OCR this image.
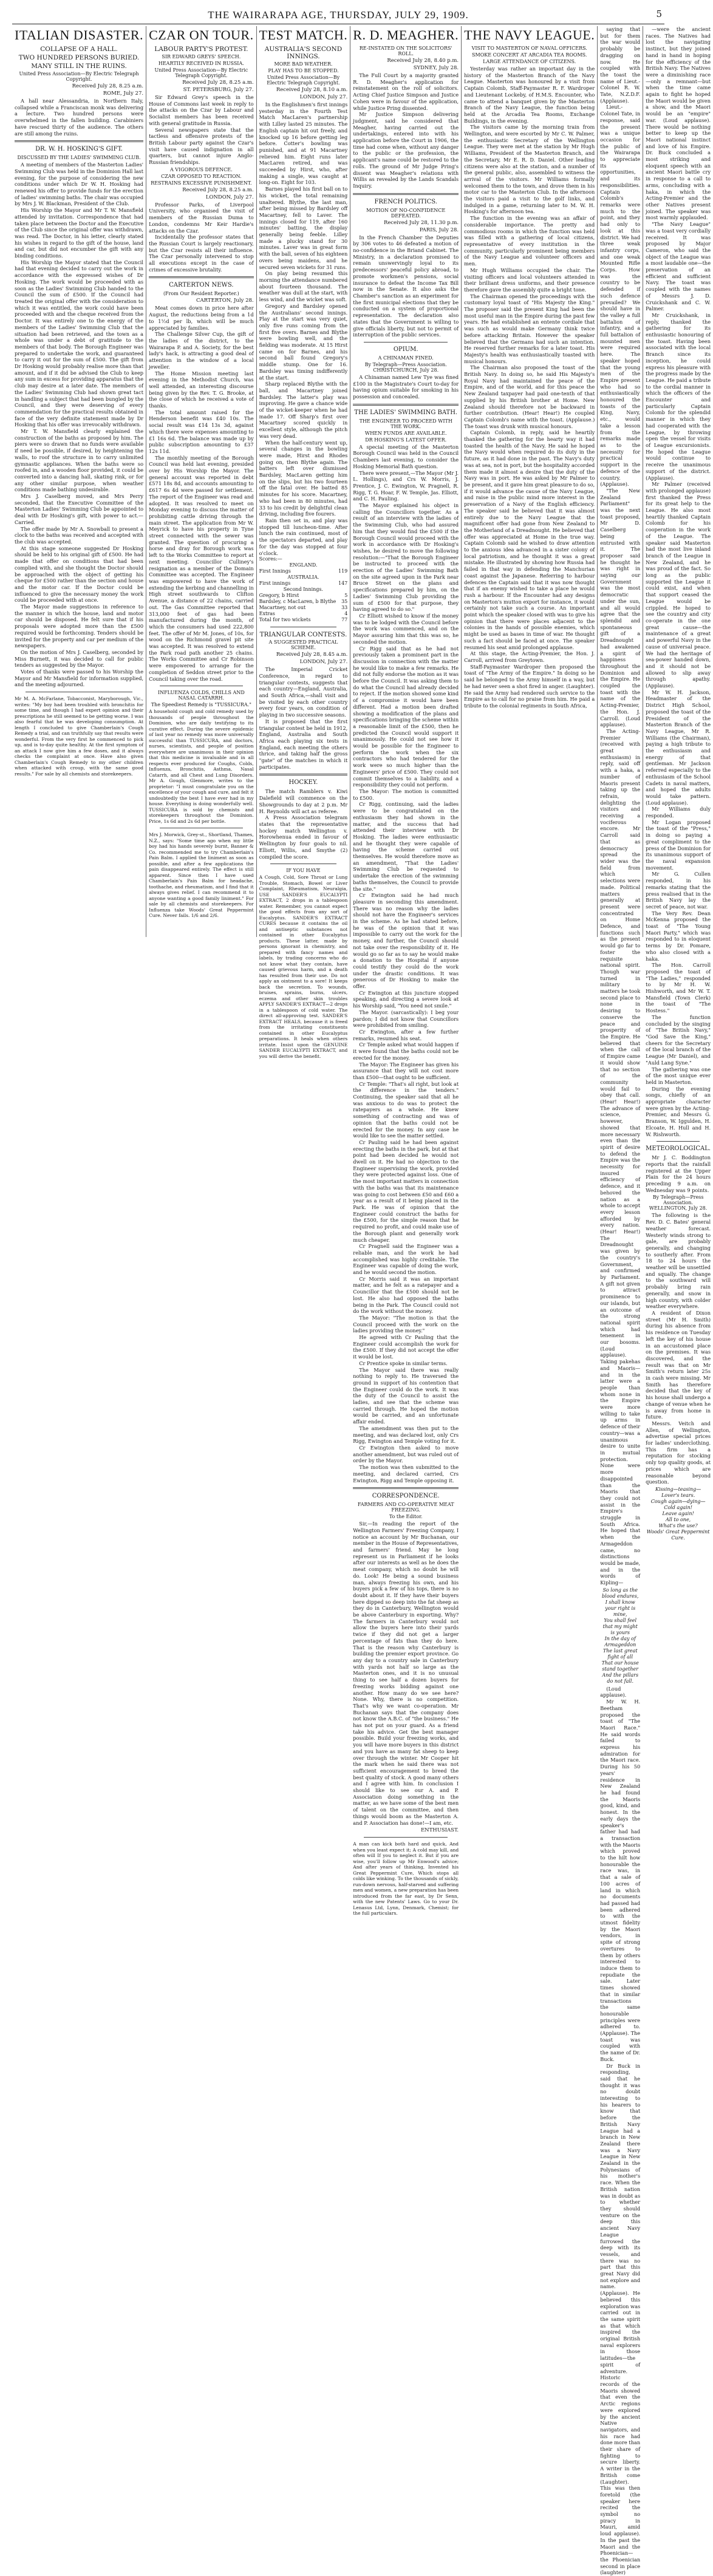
THE WAIRARAPA AGE, THURSDAY, JULY 29, 1909.	5
ITALIAN DISASTER.
COLLAPSE OF A HALL.
TWO HUNDRED PERSONS BURIED.
MANY STILL IN THE RUINS.
United Press Association—By Electric Telegraph Copyright.
Received July 28, 8.25 a.m.
ROME, July 27.

A hall near Alessandria, in Northern Italy, collapsed while a Franciscan monk was delivering a lecture. Two hundred persons were overwhelmed in the fallen building. Carabiniers have rescued thirty of the audience. The others are still among the ruins.

DR. W. H. HOSKING'S GIFT.
DISCUSSED BY THE LADIES' SWIMMING CLUB.

A meeting of members of the Masterton Ladies' Swimming Club was held in the Dominion Hall last evening, for the purpose of considering the new conditions under which Dr W. H. Hosking had renewed his offer to provide funds for the erection of ladies' swimming baths. The chair was occupied by Mrs J. W. Blackman, President of the Club.

His Worship the Mayor and Mr T. W. Mansfield attended by invitation. Correspondence that had taken place between the Doctor and the Executive of the Club since the original offer was withdrawn, was read. The Doctor, in his letter, clearly stated his wishes in regard to the gift of the house, land and car, but did not encumber the gift with any binding conditions.

His Worship the Mayor stated that the Council had that evening decided to carry out the work in accordance with the expressed wishes of Dr Hosking. The work would be proceeded with as soon as the Ladies' Swimming Club handed to the Council the sum of £500. If the Council had treated the original offer with the consideration to which it was entitled, the work could have been proceeded with and the cheque received from the Doctor. It was entirely one to the energy of the members of the Ladies' Swimming Club that the situation had been retrieved, and the town as a whole was under a debt of gratitude to the members of that body. The Borough Engineer was prepared to undertake the work, and guaranteed to carry it out for the sum of £500. The gift from Dr Hosking would probably realise more than that amount, and if it did be advised the Club to keep any sum in excess for providing apparatus that the club may desire at a later date. The members of the Ladies' Swimming Club had shown great tact in handling a subject that had been bungled by the Council, and they were deserving of every commendation for the practical results obtained in face of the very definite statement made by Dr Hosking that his offer was irrevocably withdrawn.

Mr T. W. Mansfield clearly explained the construction of the baths as proposed by him. The piers were so drawn that no funds were available if need be possible, if desired, by heightening the walls, to roof the structure in to carry unlimited gymnastic appliances. When the baths were so roofed in, and a wooden floor provided, it could be converted into a dancing hall, skating rink, or for any other similar purpose, when weather conditions made bathing undesirable.

Mrs J. Caselberg moved, and Mrs Perry seconded, that the Executive Committee of the Masterton Ladies' Swimming Club be appointed to deal with Dr Hosking's gift, with power to act.—Carried.

The offer made by Mr A. Snowball to present a clock to the baths was received and accepted with the club was accepted.

At this stage someone suggested Dr Hosking should be held to his original gift of £500. He had made that offer on conditions that had been complied with, and she thought the Doctor should be approached with the object of getting his cheque for £500 rather than the section and house and the motor car. If the Doctor could be influenced to give the necessary money the work could be proceeded with at once.

The Mayor made suggestions in reference to the manner in which the house, land and motor car should be disposed. He felt sure that if his proposals were adopted more than the £500 required would be forthcoming. Tenders should be invited for the property and car per medium of the newspapers.

On the motion of Mrs J. Caselberg, seconded by Miss Burnett, it was decided to call for public tenders as suggested by the Mayor.

Votes of thanks were passed to his Worship the Mayor and Mr Mansfield for information supplied, and the meeting adjourned.

Mr M. A. McFarlane, Tobacconist, Maryborough, Vic., writes: "My boy had been troubled with bronchitis for some time, and though I had expert opinion and their prescriptions he still seemed to be getting worse. I was also fearful that he was developing consumption. At length I concluded to give Chamberlain's Cough Remedy a trial, and can truthfully say that results were wonderful. From the very first he commenced to pick up, and is to-day quite healthy. At the first symptom of an attack I now give him a few doses, and it always checks the complaint at once. Have also given Chamberlain's Cough Remedy to my other children when attacked with croup, with the same good results." For sale by all chemists and storekeepers.

CZAR ON TOUR.
LABOUR PARTY'S PROTEST.
SIR EDWARD GREYS' SPEECH.
HEARTILY RECEIVED IN RUSSIA.
United Press Association—By Electric Telegraph Copyright.
Received July 28, 8.25 a.m.
ST. PETERSBURG, July 27.

Sir Edward Grey's speech in the House of Commons last week in reply to the attacks on the Czar by Labour and Socialist members has been received with general gratitude in Russia.

Several newspapers state that the tactless and offensive protests of the British Labour party against the Czar's visit have caused indignation in all quarters, but cannot injure Anglo-Russian friendships.

A VIGOROUS DEFENCE.
CZAR OPPOSED TO REACTION.
RESTRAINS EXCESSIVE PUNISHMENT.
Received July 28, 8.25 a.m.
LONDON, July 27.

Professor Parks, of Liverpool University, who organised the visit of members of the Russian Duma to London, condemns Mr Keir Hardie's attacks on the Czar.

Incidentally the professor states that the Russian Court is largely reactionary, but the Czar resists all their influence. The Czar personally intervened to stop all executions except in the case of crimes of excessive brutality.

CARTERTON NEWS.
(From Our Resident Reporter.)
CARTERTON, July 28.

Meat comes down in price here after August, the reductions being from a 1d to 1½d per lb, which will be much appreciated by families.

The Challenge Silver Cup, the gift of the ladies of the district, to the Wairarapa P. and A. Society, for the best lady's hack, is attracting a good deal of attention in the window of a local jeweller.

The Home Mission meeting last evening in the Methodist Church, was well attended, an interesting discourse being given by the Rev. T. G. Brooke, at the close of which he received a vote of thanks.

The total amount raised for the Henderson benefit was £40 10s. The social result was £14 13s 3d, against which there were expenses amounting to £1 16s 6d. The balance was made up by public subscription amounting to £37 12s 11d.

The monthly meeting of the Borough Council was held last evening, presided over by His Worship the Mayor. The general account was reported in debt £571 18s 8d, and accounts amounting to £617 6s 4d were passed for settlement. The report of the Engineer was read and adopted. It was resolved to meet on Monday evening to discuss the matter of prohibiting cattle driving through the main street. The application from Mr W. Meyrick to have his property in Tyne street connected with the sewer was granted. The question of procuring a horse and dray for Borough work was left to the Works Committee to report at next meeting. Councillor Culliney's resignation as a member of the Domain Committee was accepted. The Engineer was empowered to have the work of extending the kerbing and channelling in High street southwards to Clifton Avenue, a distance of 22 chains, carried out. The Gas Committee reported that 313,000 feet of gas had been manufactured during the month, of which the consumers had used 222,800 feet. The offer of Mr M. Jones, of 10s, for wood on the Richmond gravel pit site was accepted. It was resolved to extend the Park road path another 25 chains. The Works Committee and Cr Robinson were empowered to arrange for the completion of Seddon street prior to the Council taking over the road.

INFLUENZA COLDS, CHILLS AND NASAL CATARRH.
The Speediest Remedy is "TUSSICURA."

A household cough and cold remedy used by thousands of people throughout the Dominion, who are daily testifying to its curative effect. During the severe epidemic of last year no remedy was more universally successful than TUSSICURA, and doctors, nurses, scientists, and people of position everywhere are unanimous in their opinion that this medicine is invaluable and in all respects ever produced for Coughs, Colds, Influenza, Bronchitis, Asthma, Nasal Catarrh, and all Chest and Lung Disorders. Mr A. Gough, Glenmore, writes to the proprietor: "I must congratulate you on the excellence of your cough and cure, and felt it undoubtedly the best I have ever had in my house. Everything is doing wonderfully well. TUSSICURA is sold by chemists and storekeepers throughout the Dominion. Price, 1s 6d and 2s 6d per bottle.

Mrs J. Morwick, Grey-st., Shortland, Thames, N.Z., says: "Some time ago when my little boy had his hands severely burnt, Banner & Co. recommended me to try Chamberlain's Pain Balm. I applied the liniment as soon as possible, and after a few applications the pain disappeared entirely. The effect is still apparent. Since then I have used Chamberlain's Pain Balm for headache, toothache, and rheumatism, and I find that it always gives relief. I can recommend it to anyone wanting a good family liniment." For sale by all chemists and storekeepers. For Influenza take Woods' Great Peppermint Cure. Never fails. 1/6 and 2/6.

TEST MATCH.
AUSTRALIA'S SECOND INNINGS.
MORE BAD WEATHER.
PLAY HAS TO BE STOPPED.
United Press Association—By Electric Telegraph Copyright.
Received July 28, 8.10 a.m.
LONDON, July 27.

In the Englishmen's first innings yesterday in the Fourth Test Match MacLaren's partnership with Lilley lasted 25 minutes. The English captain hit out freely, and knocked up 16 before getting leg before. Cotter's bowling was punished, and at 91 Macartney relieved him. Eight runs later MacLaren retired, and was succeeded by Hirst, who, after making a single, was caught at long-on. Eight for 103.

Barnes played his first ball on to his wicket, the total remaining unaltered. Blythe, the last man, after being missed by Bardsley off Macartney, fell to Laver. The innings closed for 119, after 160 minutes' batting, the display generally being feeble. Lilley made a plucky stand for 30 minutes. Laver was in great form with the ball, seven of his eighteen overs being maidens, and he secured seven wickets for 31 runs.

On play being resumed this morning the attendance numbered about fourteen thousand. The weather was dull at the start, with less wind, and the wicket was soft.

Gregory and Bardsley opened the Australians' second innings. Play at the start was very quiet, only five runs coming from the first five overs. Barnes and Blythe were bowling well, and the fielding was moderate. At 15 Hirst came on for Barnes, and his second ball found Gregory's middle stump. One for 16. Bardsley was timing indifferently at the start.

Sharp replaced Blythe with the ball, and Macartney joined Bardsley. The latter's play was improving. He gave a chance wide of the wicket-keeper when he had made 17. Off Sharp's first over Macartney scored quickly in excellent style, although the pitch was very dead.

When the half-century went up, several changes in the bowling were made, Hirst and Rhodes going on, then Blythe again. The batters left over dismissed Bardsley, MacLaren getting him on the slips, but his two fourteen off the fatal over. He batted 85 minutes for his score. Macartney, who had been in 80 minutes, had 33 to his credit by delightful clean driving, including five fourers.

Rain then set in, and play was stopped till luncheon-time. After lunch the rain continued, most of the spectators departed, and play for the day was stopped at four o'clock.

Scores:—
ENGLAND.
First Innings	119
AUSTRALIA.
First innings	147
Second Innings.
Gregory, b Hirst	5
Bardsley, c MacLaren, b Blythe 35
Macartney, not out	33
Extras	4
Total for two wickets	77
TRIANGULAR CONTESTS.
A SUGGESTED PRACTICAL SCHEME.
Received July 28, 8.45 a.m.
LONDON, July 27.

The Imperial Cricket Conference, in regard to triangular contests, suggests that each country—England, Australia, and South Africa,—shall visit and be visited by each other country every four years, on condition of playing in two successive seasons.

It is proposed that the first triangular contest be held in 1912, England, Australia and South Africa each playing six tests in England, each meeting the others thrice, and taking half the gross "gate" of the matches in which it participates.

HOCKEY.

The match Ramblers v. Kiwi Dalefield will commence on the Showgrounds to day at 2 p.m. Mr H. Reynolds will act as referee.

A Press Association telegram states that the representative hockey match Wellington v. Horowhenua ended in favour of Wellington by four goals to nil. Elliott, Willis, and Smythe (2) compiled the score.

IF YOU HAVE

A Cough, Cold, Sore Throat or Lung Trouble, Stomach, Bowel or Liver Complaint, Rheumatism, Neuralgia, USE SANDER'S EUCALYPTI EXTRACT, 2 drops in a tablespoon water. Remember, you cannot expect the good effects from any sort of Eucalyptus. SANDER'S EXTRACT CURES because it contains the oil and antiseptic substances not contained in other Eucalyptus products. These latter, made by persons ignorant in chemistry, and prepared with fancy names and labels, by trading concerns who do not know what they contain, have caused grievous harm, and a death has resulted from their use. Do not apply an ointment to a sore! It keeps back the secretion. To wounds, bruises, sprains, burns, ulcers, eczema and other skin troubles APPLY SANDER'S EXTRACT—2 drops in a tablespoon of cold water. The direct all-approving test. SANDER'S EXTRACT HEALS, because it is freed from the irritating constituents contained in other Eucalyptus preparations. It heals when others irritate. Insist upon the GENUINE SANDER EUCALYPTI EXTRACT, and you will derive the benefit.

R. D. MEAGHER.
RE-INSTATED ON THE SOLICITORS' ROLL.
Received July 28, 8.40 p.m.
SYDNEY, July 28.

The Full Court by a majority granted R. D. Meagher's application for reinstatement on the roll of solicitors. Acting Chief Justice Simpson and Justice Cohen were in favour of the application, while Justice Pring dissented.

Mr Justice Simpson delivering judgment, said he considered that Meagher, having carried out the undertakings, entered into with his application before the Court in 1906, the time had come when, without any danger to the public or the profession, the applicant's name could be restored to the rolls. The ground of Mr Judge Pring's dissent was Meagher's relations with Willis as revealed by the Lands Scandals Inquiry.

FRENCH POLITICS.
MOTION OF NO-CONFIDENCE DEFEATED.
Received July 28, 11.30 p.m.
PARIS, July 28.

In the French Chamber the Deputies by 306 votes to 46 defeated a motion of no-confidence in the Briand Cabinet. The Ministry, in a declaration promised to remain unswervingly loyal to its predecessors' peaceful policy abroad, to promote workmen's pensions, social insurance to defeat the Income Tax Bill now in the Senate. It also asks the Chamber's sanction as an experiment for the first municipal elections that they be conducted on a system of proportional representation. The declaration also states that the Government is willing to give officials liberty, but not to permit of interruption of the public services.

OPIUM.
A CHINAMAN FINED.
By Telegraph—Press Association. CHRISTCHURCH, July 28.

A Chinaman named Lew Tye was fined £100 in the Magistrate's Court to-day for having opium suitable for smoking in his possession and concealed.

THE LADIES' SWIMMING BATH.
THE ENGINEER TO PROCEED WITH THE WORK.
WHEN FUNDS ARE AVAILABLE.
DR HOSKING'S LATEST OFFER.

A special meeting of the Masterton Borough Council was held in the Council Chambers last evening, to consider the Hosking Memorial Bath question.

There were present,—The Mayor (Mr J. L. Hollings), and Crs W. Morris, J. Prentice, J. C. Ewington, W. Pragnell, R. Rigg, T. G. Hoar, F. W. Temple, Jas. Elliott, and C. H. Pauling.

The Mayor explained his object in calling the Councillors together. As a result of an interview with the ladies of the Swimming Club, who had assured him that they would find the £500 if the Borough Council would proceed with the work in accordance with Dr Hosking's wishes, he desired to move the following resolution:—"That the Borough Engineer be instructed to proceed with the erection of the Ladies' Swimming Bath on the site agreed upon in the Park near Bruce Street on the plans and specifications prepared by him, on the Ladies' Swimming Club providing the sum of £500 for that purpose, they having agreed to do so."

Cr Elliott wished to know if the money was to be lodged with the Council before the work was commenced, and on the Mayor assuring him that this was so, he seconded the motion.

Cr Rigg said that as he had not previously taken a prominent part in the discussion in connection with the matter he would like to make a few remarks. He did not fully endorse the motion as it was before the Council. It was asking them to do what the Council had already decided to reject. If the motion showed some kind of a compromise it would have been different. Had a motion been drafted showing a modification of the plans and specifications bringing the scheme within a reasonable limit of the £500, then he predicted the Council would support it unanimously. He could not see how it would be possible for the Engineer to perform the work when the six contractors who had tendered for the work were so much higher than the Engineers' price of £500. They could not commit themselves to a liability, and a responsibility they could not perform.

The Mayor: The motion is committed to £500.

Cr Rigg, continuing, said the ladies were to be congratulated on the enthusiasm they had shown in the matter, and the success that had attended their interview with Dr Hosking. The ladies were enthusiastic and he thought they were capable of having the scheme carried out themselves. He would therefore move as an amendment, "That the Ladies' Swimming Club be requested to undertake the erection of the swimming baths themselves, the Council to provide the site."

Cr Ewington said he had much pleasure in seconding this amendment. There was no reason why the ladies should not have the Engineer's services in the scheme. As he had stated before, he was of the opinion that it was impossible to carry out the work for the money, and further, the Council should not take over the responsibility of it. He would go so far as to say he would make a donation to the Hospital if anyone could testify they could do the work under the drastic conditions. It was generous of Dr Hosking to make the offer.

Cr Ewington at this juncture stopped speaking, and directing a severe look at his Worship said, "You need not smile."

The Mayor. (sarcastically): I beg your pardon; I did not know that Councillors were prohibited from smiling.

Cr Ewington, after a few further remarks, resumed his seat.

Cr Temple asked what would happen if it were found that the baths could not be erected for the money.

The Mayor: The Engineer has given his assurance that they will not cost more than £500—that ought to be sufficient.

Cr Temple: "That's all right, but look at the difference in the tenders." Continuing, the speaker said that all he was anxious to do was to protect the ratepayers as a whole. He knew something of contracting and was of opinion that the baths could not be erected for the money. In any case he would like to see the matter settled.

Cr Pauling said he had been against erecting the baths in the park, but at that point had been decided he would not dwell on it. He had no objection to the Engineer supervising the work, provided they were protected against loss. One of the most important matters in connection with the baths was that its maintenance was going to cost between £50 and £60 a year as a result of it being placed in the Park. He was of opinion that the Engineer could construct the baths for the £500, for the simple reason that he required no profit, and could make use of the Borough plant and generally work much cheaper.

Cr Pragnell said the Engineer was a reliable man, and the work he had accomplished was highly creditable. The Engineer was capable of doing the work, and he would second the motion.

Cr Morris said it was an important matter, and he felt as a ratepayer and a Councillor that the £500 should not be lost. He also had opposed the baths being in the Park. The Council could not do the work without the money.

The Mayor: "The motion is that the Council proceed with the work on the ladies providing the money."

He agreed with Cr Pauling that the Engineer could accomplish the work for the £500. If they did not accept the offer it would be lost.

Cr Prentice spoke in similar terms.

The Mayor said there was really nothing to reply to. He traversed the ground in support of his contention that the Engineer could do the work. It was the duty of the Council to assist the ladies, and see that the scheme was carried through. He hoped the motion would be carried, and an unfortunate affair ended.

The amendment was then put to the meeting, and was declared lost, only Crs Rigg, Ewington and Temple voting for it.

Cr Ewington then asked to move another amendment, but was ruled out of order by the Mayor.

The motion was then submitted to the meeting, and declared carried, Crs Ewington, Rigg and Temple opposing it.

CORRESPONDENCE.
FARMERS AND CO-OPERATIVE MEAT FREEZING.
To the Editor.

Sir,—In reading the report of the Wellington Farmers' Freezing Company, I notice an account by Mr Buchanan, our member in the House of Representatives, and farmers' friend. May he long represent us in Parliament if he looks after our interests as well as he does the meat company, which no doubt he will do. Look! He being a sound business man, always freezing his own, and his buyers pick a few of his tops, there is no doubt about it. If they have their buyers here dipped so deep into the fat sheep as they do in Canterbury, Wellington would be above Canterbury in exporting. Why? The farmers in Canterbury would not allow the buyers here into their yards twice if they did not get a larger percentage of fats than they do here. That is the reason why Canterbury is building the premier export province. Go any day to a country sale in Canterbury with yards not half so large as the Masterton ones, and it is no unusual thing to see half a dozen buyers for freezing works bidding against one another. How many do we see here? None. Why, there is no competition. That's why we want co-operation. Mr Buchanan says that the company does not know the A.B.C. of "the business." He has not put on your guard. As a friend take his advice. Get the best manager possible. Build your freezing works, and you will have more buyers in this district and you have as many fat sheep to keep over through the winter. Mr Cooper hit the mark when he said there was not sufficient encouragement to breed the best quality of stock. A good many others and I agree with him. In conclusion I should like to see our A. and P. Association doing something in the matter, as we have some of the best men of talent on the committee, and then things would boom as the Masterton A. and P. Association has done!—I am, etc.

ENTHUSIAST.

A man can kick both hard and quick, And when you least expect it; A cold may kill, and often will If you to neglect it. But if you are wise, you'll follow up Mr Enwood's advice; And after years of thinking, Invented his Great Peppermint Cure, Which stops all colds like winking. To the thousands of sickly, run-down nervous, half-starved and suffering men and women, a new preparation has been introduced from the far east, by Dr Senn, with the new Patents' Laws. Go to your Dr. Lenasus Ltd, Lynn, Denmark, Chemist; for the full particulars.

THE NAVY LEAGUE.
VISIT TO MASTERTON OF NAVAL OFFICERS.
SMOKE CONCERT AT ARCADIA TEA ROOMS.
LARGE ATTENDANCE OF CITIZENS.

Yesterday was rather an important day in the history of the Masterton Branch of the Navy League. Masterton was honoured by a visit from Captain Colomb, Staff-Paymaster R. F. Wardroper and Lieutenant Lockeby, of H.M.S. Encounter, who came to attend a banquet given by the Masterton Branch of the Navy League, the function being held at the Arcadia Tea Rooms, Exchange Buildings, in the evening.

The visitors came by the morning train from Wellington, and were escorted by Mr C. W. Palmer, the enthusiastic Secretary of the Wellington League. They were met at the station by Mr Hugh Williams, President of the Masterton Branch, and the Secretary, Mr E. R. D. Daniel. Other leading citizens were also at the station, and a number of the general public, also, assembled to witness the arrival of the visitors. Mr Williams formally welcomed them to the town, and drove them in his motor car to the Masterton Club. In the afternoon the visitors paid a visit to the golf links, and indulged in a game, returning later to M. W. H. Hosking's for afternoon tea.

The function in the evening was an affair of considerable importance. The pretty and commodious rooms in which the function was held was filled with a gathering of local citizens, representative of every institution in the community, particularly prominent being members of the Navy League and volunteer officers and men.

Mr Hugh Williams occupied the chair. The visiting officers and local volunteers attended in their brilliant dress uniforms, and their presence therefore gave the assembly quite a bright tone.

The Chairman opened the proceedings with the customary loyal toast of "His Majesty the King." The proposer said the present King had been the most useful man in the Empire during the past few years. He had established an entente cordiale that was such as would make Germany think twice before attacking Britain. However the speaker believed that the Germans had such an intention. He reserved further remarks for a later toast. His Majesty's health was enthusiastically toasted with musical honours.

The Chairman also proposed the toast of the British Navy. In doing so, he said His Majesty's Royal Navy had maintained the peace of the Empire, and of the world, and for this peace the New Zealand taxpayer had paid one-tenth of that supplied by his British brother at Home. New Zealand should therefore not be backward in further contribution. (Hear! Hear!) He coupled Captain Colomb's name with the toast. (Applause.) The toast was drunk with musical honours.

Captain Colomb, in reply, said he heartily thanked the gathering for the hearty way it had toasted the health of the Navy. He said he hoped the Navy would when required do its duty in the future, as it had done in the past. The Navy's duty was at sea, not in port, but the hospitality accorded them made it almost a desire that the duty of the Navy was in port. He was asked by Mr Palmer to be present, and it gave him great pleasure to do so, if it would advance the cause of the Navy League, and raise in the public mind more interest in the preservation of a Navy of the English efficiency. The speaker said he believed that it was almost entirely due to the Navy League that the magnificent offer had gone from New Zealand to the Motherland of a Dreadnought. He believed that offer was appreciated at Home in the true way. Captain Colomb said he wished to draw attention to the anxious idea advanced in a sister colony of local patriotism, and he thought it was a great mistake. He illustrated by showing how Russia had failed in that way in defending the Manchurian coast against the Japanese. Referring to harbour defences the Captain said that it was now thought that if an enemy wished to take a place he would rush a harbour. If the Encounter had any designs on Masterton's mutton export for instance, it would certainly not take such a course. An important point which the speaker closed with was to give his opinion that there were places adjacent to the colonies in the hands of possible enemies, which might be used as bases in time of war. He thought such a fact should be faced at once. The speaker resumed his seat amid prolonged applause.

At this stage, the Acting-Premier, the Hon. J. Carroll, arrived from Greytown.

Staff-Paymaster Wardroper then proposed the toast of "The Army of the Empire." In doing so he said he belonged to the Army himself in a way, but he had never seen a shot fired in anger. (Laughter). He said the Army had rendered such service to the Empire as to call for no praise from him. He paid a tribute to the colonial regiments in South Africa,

saying that but for them the war would probably be dragging on now. He coupled with the toast the name of Lieut.-Colonel R. W. Tate, N.Z.D.F. (Applause).

Lieut.-Colonel Tate, in response, said the present was a unique occasion for the public of the Wairarapa to appreciate its opportunities, and its responsibilities. Captain Colomb's remarks were much to the point, and they had only to look at this district. We had three weak infantry corps, and one weak Mounted Rifle Corps. How was the country to be defended if such defence prevailed? We should have in the valley a full battalion of infantry, and a full battalion of mounted men were required here. The speaker hoped that the young men of the Empire present who had so enthusiastically honoured the toasts of the King, Navy, etc., would take a lesson from the remarks made as to the necessity for practical support in the defence of the country. (Applause).

"The New Zealand Parliament" was the next toast proposed, Mr D. Caselberg being entrusted with it. The proposer said he thought he was right in saying our Government was the most democratic under the sun, and all would agree that the splendid and spontaneous gift of a Dreadnought had awakened a spirit of happiness throughout the Dominion and the Empire. He coupled the toast with the name of the Acting-Premier, the Hon. J. Carroll. (Loud applause).

The Acting-Premier (received with great enthusiasm) in reply, said off with a haka, a number of Maoris present taking up the refrain, delighting the visitors and receiving a vociferous encore. Mr Carroll said that as democracy spread the wider was the field from which selections were made. Political matters generally at present were concentrated on Home Defence, and functions such as the present would go far to foster the requisite national spirit. Though war turned in military matters he took second place to none in desiring to conserve the peace and prosperity of the Empire. He believed that when the call of Empire came it would show that no section of the community would fail to obey that call. (Hear! Hear!) The advance of science, however, showed that more necessary even than the spirit of desire to defend the Empire was the necessity for insured efficiency of defence, and it behoved the nation as a whole to accept every lesson afforded by every nation. (Hear! Hear!) The Dreadnought was given by the country's Government, and confirmed by Parliament. A gift not given to attract prominence to our islands, but an outcome of the strong national spirit which had tenement in our bosoms. (Loud applause). Taking pakehas and Maoris—and in the latter were a people than whom none in the Empire were more willing to take up arms in defence of their country—was a unanimous desire to unite in mutual protection. None were more disappointed than the Maoris that they could not assist in the Empire's struggle in South Africa. He hoped that when the Armageddon came, no distinctions would be made, and in the words of Kipling—

So long as the blood endures,
I shall know your right is mine,
You shall feel that my might is yours
In the day of Armageddon
The last great fight of all
That our house stand together
And the pillars do not fall.

(Loud applause).

Mr W. H. Beetham proposed the toast of "The Maori Race." He said words failed to express his admiration for the Maori race. During his 50 years' residence in New Zealand he had found the Maoris good, kind, and honest. In the early days the speaker's father had had a transaction with the Maoris which proved to the hilt how honourable the race was, in that a sale of 100 acres of land in which no documents had passed had been adhered to with the utmost fidelity by the Maori vendors, in spite of strong overtures to them by others interested to induce them to repudiate the sale. Later times showed that in similar transactions the same honourable principles were adhered to. (Applause). The toast was coupled with the name of Dr. Buck.

Dr Buck in responding, said that he thought it was no doubt interesting to his hearers to know that before the British Navy League had a branch in New Zealand there was a Navy League in New Zealand in the Polynesians of his mother's race. When the British nation was in doubt as to whether they should venture on the deep this ancient Navy League furrowed the deep with its vessels, and there was no part that this great Navy did not explore and name. (Applause). He believed this exploration was carried out in the same spirit as that which inspired the original British naval explorers in those latitudes—the spirit of adventure. Historic records of the Maoris showed that even the Arctic regions were explored by the ancient Native navigators, and his race had done more than their share of fighting to secure liberty. A writer in the British come (Laughter). This was then foretold (the speaker here recited the symbol no piracy in Mauri, amid loud applause). In the past the Maori and the Phoenician—the Phoenician second in place (laughter)

—were the ancient races. The Natives had lost the navigating instinct, but they joined hand in hand in hoping for the efficiency of the British Navy. The Natives were a diminishing race—only a remnant—but when the time came again to fight he hoped the Maori would be given a show, and the Maori would be an "empire" war. (Loud applause). There would be nothing better to keep up the Maori national instinct and love of his Empire. Dr. Buck concluded a most striking and eloquent speech with an ancient Maori battle cry in response to a call to arms, concluding with a haka, in which the Acting-Premier and the other Natives present joined. The speaker was most warmly applauded.

"The Navy League" was a toast very cordially received. It was proposed by Major Cameron, who said the object of the League was a most laudable one—the preservation of an efficient and sufficient Navy. The toast was coupled with the names of Messrs J. D. Cruickshank and C. W. Palmer.

Mr Cruickshank, in reply, thanked the gathering for its enthusiastic honouring of the toast. Having been associated with the local Branch since its inception, he could express his pleasure with the progress made by the League. He paid a tribute to the cordial manner in which the officers of the Encounter and particularly Captain Colomb for the splendid manner in which they had cooperated with the League, by throwing open the vessel for visits of League excursionists. He hoped the League would continue to receive the unanimous support of the district. (Applause).

Mr Palmer (received with prolonged applause) first thanked the Press for its great help to the League. He also most heartily thanked Captain Colomb for his cooperation in the work of the League. The speaker said Masterton had the most live inland branch of the League in New Zealand, and he was proud of the fact. So long as the public supported the League it could exist, and when that support ceased the League would be crippled. He hoped to see the country and city co-operate in the one great cause—the maintenance of a great and powerful Navy in the cause of universal peace. We had the heritage of sea-power handed down, and it should not be allowed to slip away through apathy. (Applause).

Mr W. H. Jackson, Headmaster of the District High School, proposed the toast of the President of the Masterton Branch of the Navy League, Mr R. Williams (the Chairman), paying a high tribute to the enthusiasm and energy of that gentleman. Mr Jackson referred especially to the enthusiasm of the School Cadets in naval matters, and hoped the adults would take pattern. (Loud applause).

Mr Williams duly responded.

Mr Logan proposed the toast of the "Press," in doing so paying a great compliment to the press of the Dominion for its unanimous support of the naval expansion movement.

Mr G. Cullen responded, in his remarks stating that the press realised that in the British Navy lay the secret of peace, not war.

The Very Rev. Dean McKenna proposed the toast of "The Young Maori Party," which was responded to in eloquent terms by Dr. Pomare, who also closed with a haka.

The Hon. Carroll proposed the toast of "The Ladies," responded to by Mr H. W. Hishworth, and Mr W. T. Mansfield (Town Clerk) the toast of "The Hostess."

The function concluded by the singing of "The British Navy," "God Save the King," cheers for the Secretary of the local branch of the League (Mr Daniel), and "Auld Lang Syne."

The gathering was one of the most unique ever held in Masterton.

During the evening songs, chiefly of an appropriate character were given by the Acting-Premier, and Messrs G. Branson, W. Iggulden, H. Elcoate, H. Hull and H. W. Rishworth.

METEOROLOGICAL.

Mr J. C. Boddington reports that the rainfall registered at the Upper Plain for the 24 hours preceding 9 a.m. on Wednesday was 9 points.

By Telegraph—Press Association. WELLINGTON, July 28.

The following is the Rev. D. C. Bates' general weather forecast. Westerly winds strong to gale, are probably generally, and changing to southerly after. From 18 to 24 hours the weather will be unsettled and squally. The change to the southward will probably bring rain generally, and snow in high country, with colder weather everywhere.

A resident of Dixon street (Mr H. Smith) during his absence from his residence on Tuesday left the key of his house in an accustomed place on the premises. It was discovered, and the result was that on Mr Smith's return later 25s in cash were missing. Mr Smith has therefore decided that the key of his house shall undergo a change of venue when he is away from home in future.

Messrs. Veitch and Allen, of Wellington, advertise special prices for ladies' underclothing. This firm has a reputation for stocking only top quality goods, at prices which are reasonable beyond question.

Kissing—teasing—
Lover's tears.
Cough again—dying—
Cold again!
Leave again!
All to one,
What's the use?
Woods' Great Peppermint Cure.
